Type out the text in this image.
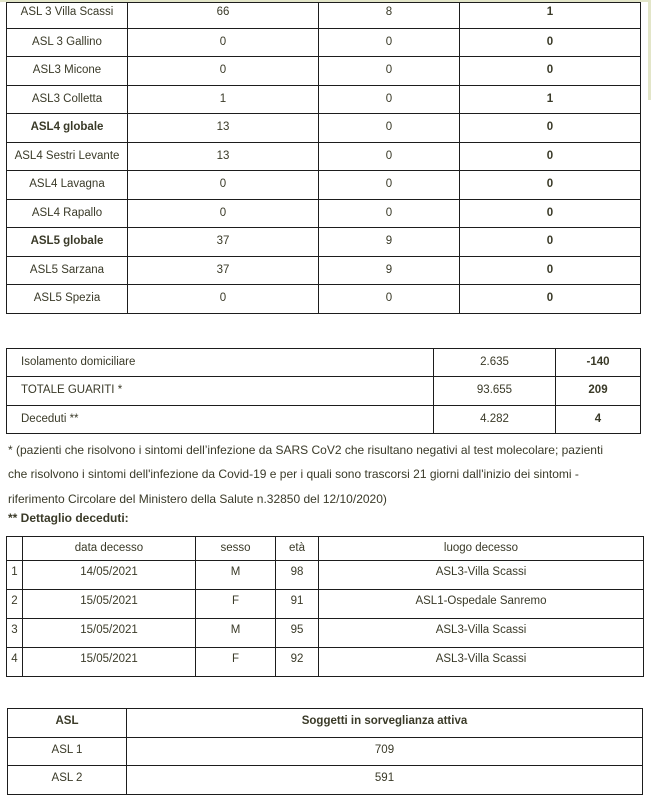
ASL 3 Villa Scassi	66	8	1
ASL 3 Gallino	0	0	0
ASL3 Micone	0	0	0
ASL3 Colletta	1	0	1
ASL4 globale	13	0	0
ASL4 Sestri Levante	13	0	0
ASL4 Lavagna	0	0	0
ASL4 Rapallo	0	0	0
ASL5 globale	37	9	0
ASL5 Sarzana	37	9	0
ASL5 Spezia	0	0	0
Isolamento domiciliare	2.635	-140
TOTALE GUARITI *	93.655	209
Deceduti **	4.282	4
* (pazienti che risolvono i sintomi dell’infezione da SARS CoV2 che risultano negativi al test molecolare; pazienti
che risolvono i sintomi dell'infezione da Covid-19 e per i quali sono trascorsi 21 giorni dall'inizio dei sintomi -
riferimento Circolare del Ministero della Salute n.32850 del 12/10/2020)
** Dettaglio deceduti:
	data decesso	sesso	età	luogo decesso
1	14/05/2021	M	98	ASL3-Villa Scassi
2	15/05/2021	F	91	ASL1-Ospedale Sanremo
3	15/05/2021	M	95	ASL3-Villa Scassi
4	15/05/2021	F	92	ASL3-Villa Scassi
ASL	Soggetti in sorveglianza attiva
ASL 1	709
ASL 2	591
